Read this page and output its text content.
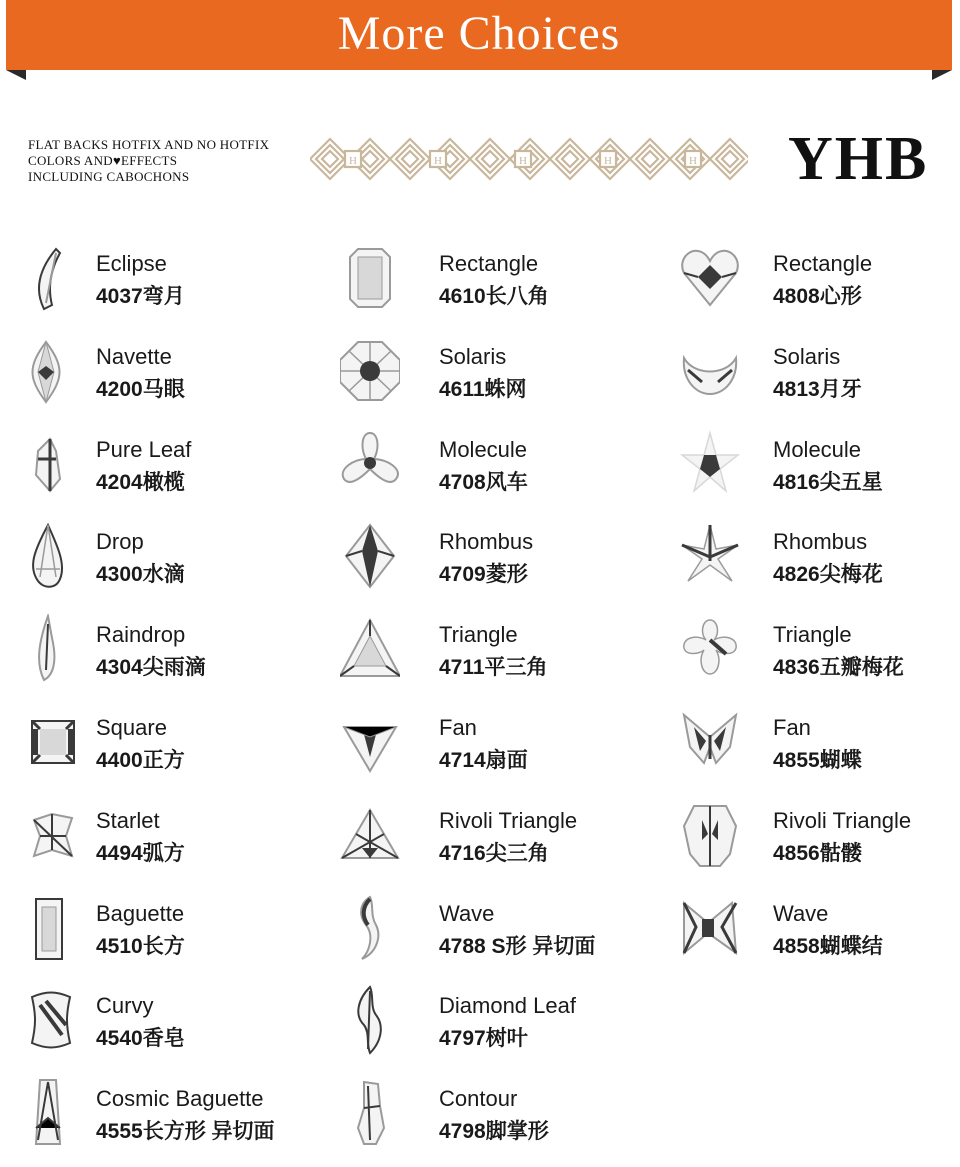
More Choices
FLAT BACKS HOTFIX AND NO HOTFIX
COLORS AND♥EFFECTS
INCLUDING CABOCHONS
H	H	H	H	H YHB
Eclipse
4037弯月
Navette
4200马眼
Pure Leaf
4204橄榄
Drop
4300水滴
Raindrop
4304尖雨滴
Square
4400正方
Starlet
4494弧方
Baguette
4510长方
Curvy
4540香皂
Cosmic Baguette
4555长方形 异切面
Rectangle
4610长八角
Solaris
4611蛛网
Molecule
4708风车
Rhombus
4709菱形
Triangle
4711平三角
Fan
4714扇面
Rivoli Triangle
4716尖三角
Wave
4788 S形 异切面
Diamond Leaf
4797树叶
Contour
4798脚掌形
Rectangle
4808心形
Solaris
4813月牙
Molecule
4816尖五星
Rhombus
4826尖梅花
Triangle
4836五瓣梅花
Fan
4855蝴蝶
Rivoli Triangle
4856骷髅
Wave
4858蝴蝶结
